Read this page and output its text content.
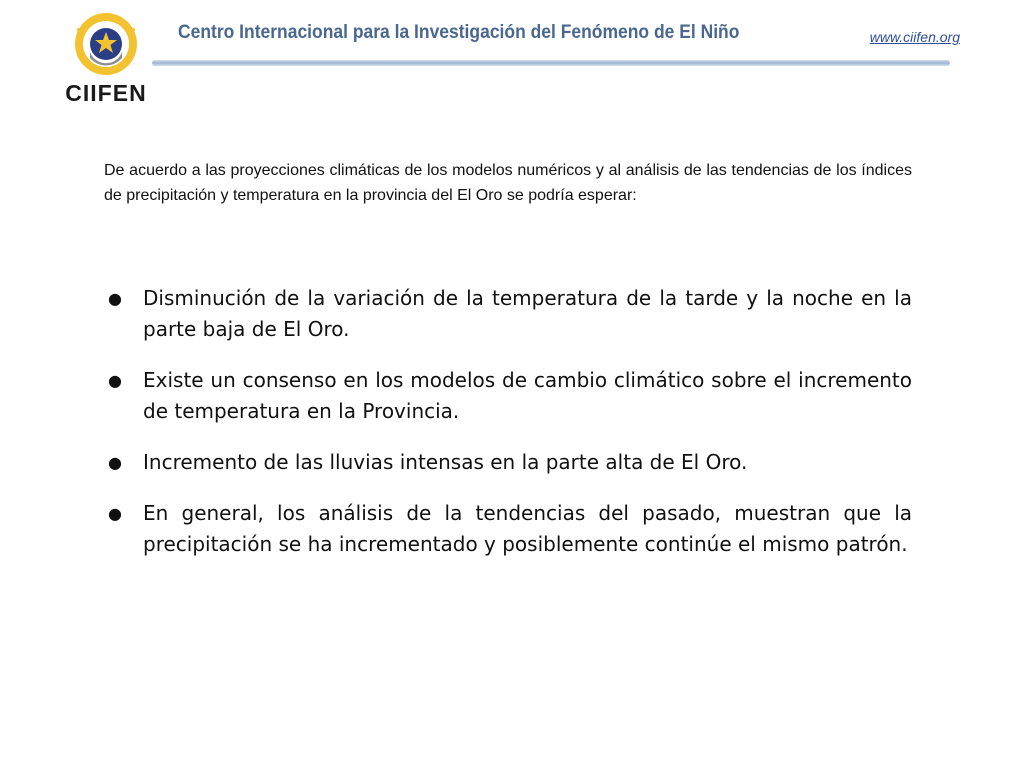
CIIFEN
Centro Internacional para la Investigación del Fenómeno de El Niño	www.ciifen.org

De acuerdo a las proyecciones climáticas de los modelos numéricos y al análisis de las tendencias de los índices de precipitación y temperatura en la provincia del El Oro se podría esperar:

● Disminución de la variación de la temperatura de la tarde y la noche en la parte baja de El Oro.
● Existe un consenso en los modelos de cambio climático sobre el incremento de temperatura en la Provincia.
● Incremento de las lluvias intensas en la parte alta de El Oro.
● En general, los análisis de la tendencias del pasado, muestran que la precipitación se ha incrementado y posiblemente continúe el mismo patrón.
